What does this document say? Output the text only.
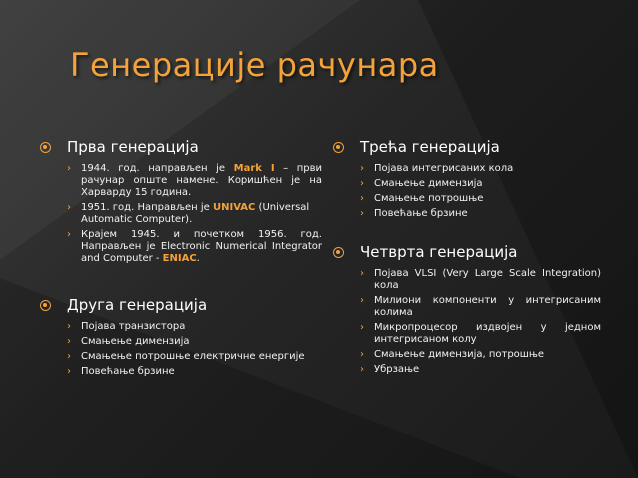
Генерације рачунара
Прва генерација
› 1944. год. направљен је Mark I – први рачунар опште намене. Коришћен је на Харварду 15 година.
› 1951. год. Направљен је UNIVAC (Universal Automatic Computer).
› Крајем 1945. и почетком 1956. год. Направљен је Electronic Numerical Integrator and Computer - ENIAC.
Друга генерација
› Појава транзистора
› Смањење димензија
› Смањење потрошње електричне енергије
› Повећање брзине
Трећа генерација
› Појава интегрисаних кола
› Смањење димензија
› Смањење потрошње
› Повећање брзине
Четврта генерација
› Појава VLSI (Very Large Scale Integration) кола
› Милиони компоненти у интегрисаним колима
› Микропроцесор издвојен у једном интегрисаном колу
› Смањење димензија, потрошње
› Убрзање
